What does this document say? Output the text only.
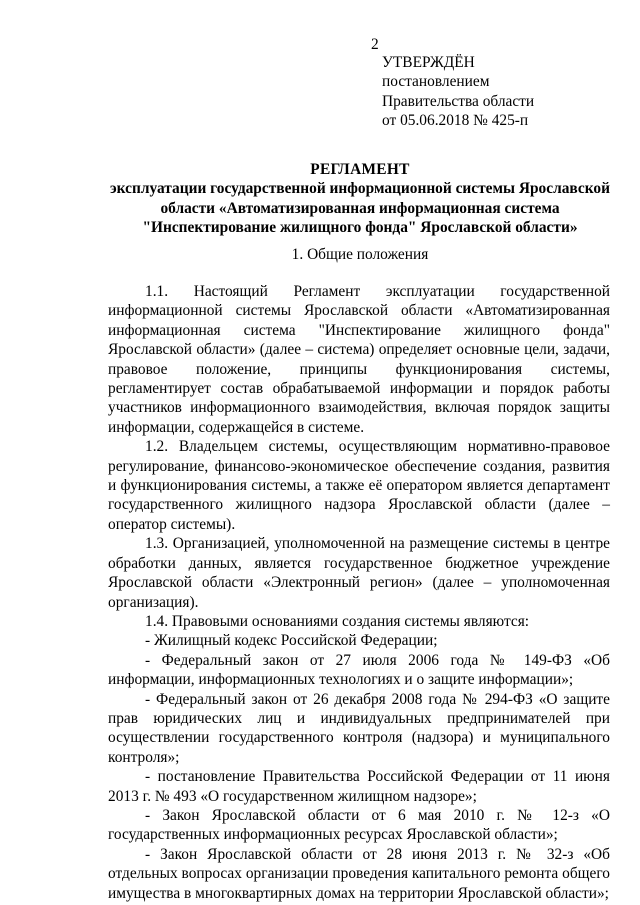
2
УТВЕРЖДЁН
постановлением
Правительства области
от 05.06.2018 № 425-п
РЕГЛАМЕНТ
эксплуатации государственной информационной системы Ярославской
области «Автоматизированная информационная система
"Инспектирование жилищного фонда" Ярославской области»
1. Общие положения

1.1. Настоящий Регламент эксплуатации государственной информационной системы Ярославской области «Автоматизированная информационная система "Инспектирование жилищного фонда" Ярославской области» (далее – система) определяет основные цели, задачи, правовое положение, принципы функционирования системы, регламентирует состав обрабатываемой информации и порядок работы участников информационного взаимодействия, включая порядок защиты информации, содержащейся в системе.

1.2. Владельцем системы, осуществляющим нормативно-правовое регулирование, финансово-экономическое обеспечение создания, развития и функционирования системы, а также её оператором является департамент государственного жилищного надзора Ярославской области (далее – оператор системы).

1.3. Организацией, уполномоченной на размещение системы в центре обработки данных, является государственное бюджетное учреждение Ярославской области «Электронный регион» (далее – уполномоченная организация).

1.4. Правовыми основаниями создания системы являются:

- Жилищный кодекс Российской Федерации;

- Федеральный закон от 27 июля 2006 года № 149-ФЗ «Об информации, информационных технологиях и о защите информации»;

- Федеральный закон от 26 декабря 2008 года № 294-ФЗ «О защите прав юридических лиц и индивидуальных предпринимателей при осуществлении государственного контроля (надзора) и муниципального контроля»;

- постановление Правительства Российской Федерации от 11 июня 2013 г. № 493 «О государственном жилищном надзоре»;

- Закон Ярославской области от 6 мая 2010 г. № 12-з «О государственных информационных ресурсах Ярославской области»;

- Закон Ярославской области от 28 июня 2013 г. № 32-з «Об отдельных вопросах организации проведения капитального ремонта общего имущества в многоквартирных домах на территории Ярославской области»;
